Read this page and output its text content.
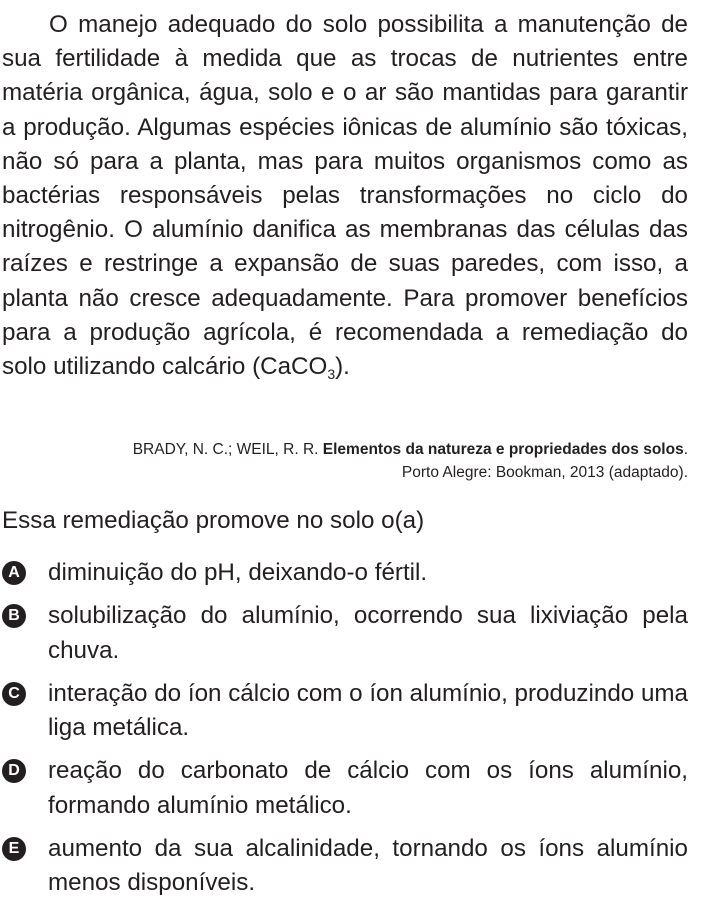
O manejo adequado do solo possibilita a manutenção de sua fertilidade à medida que as trocas de nutrientes entre matéria orgânica, água, solo e o ar são mantidas para garantir a produção. Algumas espécies iônicas de alumínio são tóxicas, não só para a planta, mas para muitos organismos como as bactérias responsáveis pelas transformações no ciclo do nitrogênio. O alumínio danifica as membranas das células das raízes e restringe a expansão de suas paredes, com isso, a planta não cresce adequadamente. Para promover benefícios para a produção agrícola, é recomendada a remediação do solo utilizando calcário (CaCO$_3$).

BRADY, N. C.; WEIL, R. R. Elementos da natureza e propriedades dos solos.
Porto Alegre: Bookman, 2013 (adaptado).
Essa remediação promove no solo o(a)
A diminuição do pH, deixando-o fértil.
B solubilização do alumínio, ocorrendo sua lixiviação pela chuva.
C interação do íon cálcio com o íon alumínio, produzindo uma liga metálica.
D reação do carbonato de cálcio com os íons alumínio, formando alumínio metálico.
E aumento da sua alcalinidade, tornando os íons alumínio menos disponíveis.
